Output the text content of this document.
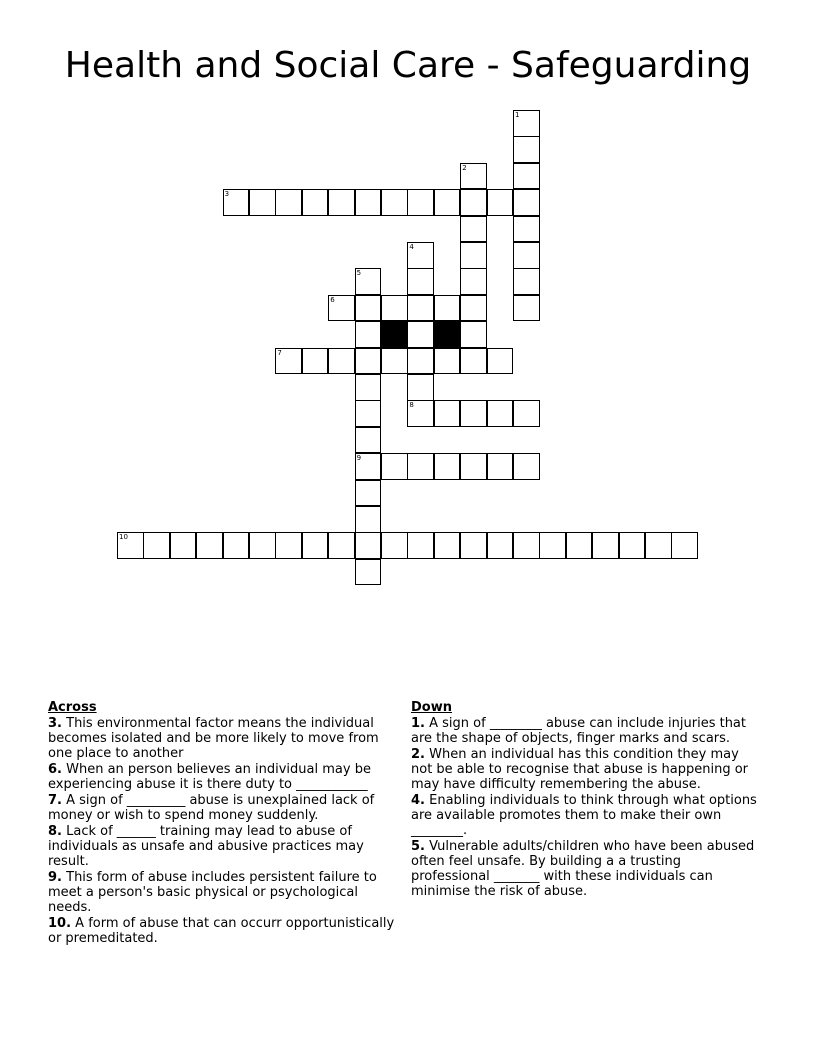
Health and Social Care - Safeguarding
1
2
3
4
8
5
9
6
7
10
Across
3. This environmental factor means the individual becomes isolated and be more likely to move from one place to another
6. When an person believes an individual may be experiencing abuse it is there duty to ___________
7. A sign of _________ abuse is unexplained lack of money or wish to spend money suddenly.
8. Lack of ______ training may lead to abuse of individuals as unsafe and abusive practices may result.
9. This form of abuse includes persistent failure to meet a person's basic physical or psychological needs.
10. A form of abuse that can occurr opportunistically or premeditated.
Down
1. A sign of ________ abuse can include injuries that are the shape of objects, finger marks and scars.
2. When an individual has this condition they may not be able to recognise that abuse is happening or may have difficulty remembering the abuse.
4. Enabling individuals to think through what options are available promotes them to make their own ________.
5. Vulnerable adults/children who have been abused often feel unsafe. By building a a trusting professional _______ with these individuals can minimise the risk of abuse.
